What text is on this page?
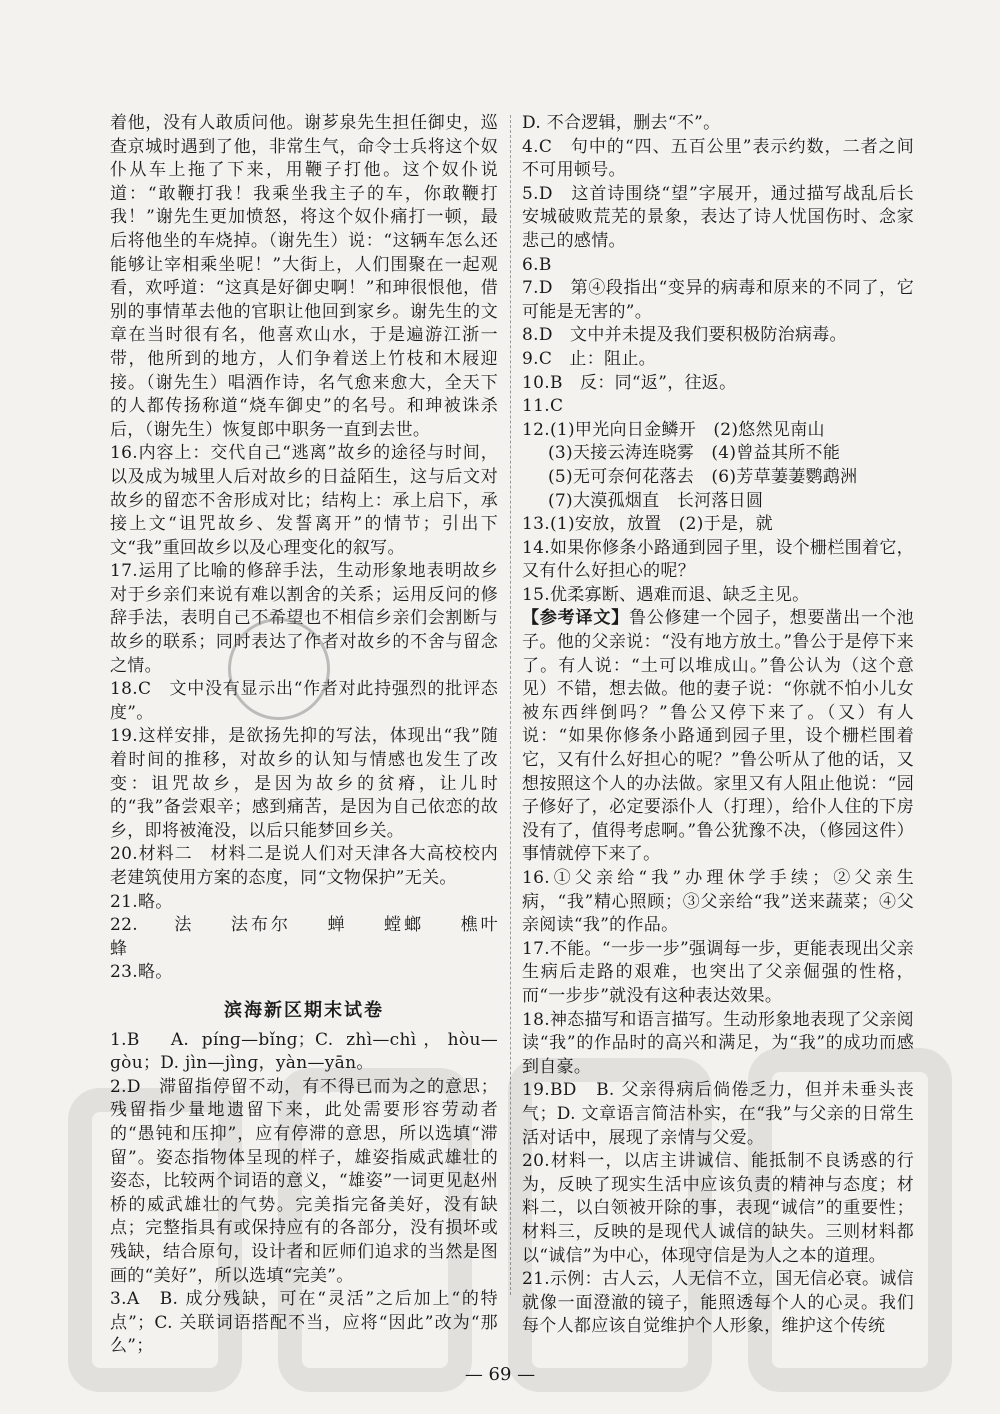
着他，没有人敢质问他。谢芗泉先生担任御史，巡查京城时遇到了他，非常生气，命令士兵将这个奴仆从车上拖了下来，用鞭子打他。这个奴仆说道：“敢鞭打我！我乘坐我主子的车，你敢鞭打我！”谢先生更加愤怒，将这个奴仆痛打一顿，最后将他坐的车烧掉。（谢先生）说：“这辆车怎么还能够让宰相乘坐呢！”大街上，人们围聚在一起观看，欢呼道：“这真是好御史啊！”和珅很恨他，借别的事情革去他的官职让他回到家乡。谢先生的文章在当时很有名，他喜欢山水，于是遍游江浙一带，他所到的地方，人们争着送上竹枝和木屐迎接。（谢先生）唱酒作诗，名气愈来愈大，全天下的人都传扬称道“烧车御史”的名号。和珅被诛杀后，（谢先生）恢复郎中职务一直到去世。

16.内容上：交代自己“逃离”故乡的途径与时间，以及成为城里人后对故乡的日益陌生，这与后文对故乡的留恋不舍形成对比；结构上：承上启下，承接上文“诅咒故乡、发誓离开”的情节；引出下文“我”重回故乡以及心理变化的叙写。

17.运用了比喻的修辞手法，生动形象地表明故乡对于乡亲们来说有难以割舍的关系；运用反问的修辞手法，表明自己不希望也不相信乡亲们会割断与故乡的联系；同时表达了作者对故乡的不舍与留念之情。

18.C　文中没有显示出“作者对此持强烈的批评态度”。

19.这样安排，是欲扬先抑的写法，体现出“我”随着时间的推移，对故乡的认知与情感也发生了改变：诅咒故乡，是因为故乡的贫瘠，让儿时的“我”备尝艰辛；感到痛苦，是因为自己依恋的故乡，即将被淹没，以后只能梦回乡关。

20.材料二　材料二是说人们对天津各大高校校内老建筑使用方案的态度，同“文物保护”无关。

21.略。

22. 法 法布尔 蝉 螳螂 樵叶蜂

23.略。

滨海新区期末试卷

1.B　A. pínɡ—bǐnɡ；C. zhì—chì，hòu—ɡòu；D. jìn—jìnɡ，yàn—yān。

2.D　滞留指停留不动，有不得已而为之的意思；残留指少量地遗留下来，此处需要形容劳动者的“愚钝和压抑”，应有停滞的意思，所以选填“滞留”。姿态指物体呈现的样子，雄姿指威武雄壮的姿态，比较两个词语的意义，“雄姿”一词更见赵州桥的威武雄壮的气势。完美指完备美好，没有缺点；完整指具有或保持应有的各部分，没有损坏或残缺，结合原句，设计者和匠师们追求的当然是图画的“美好”，所以选填“完美”。

3.A　B. 成分残缺，可在“灵活”之后加上“的特点”；C. 关联词语搭配不当，应将“因此”改为“那么”；

D. 不合逻辑，删去“不”。

4.C　句中的“四、五百公里”表示约数，二者之间不可用顿号。

5.D　这首诗围绕“望”字展开，通过描写战乱后长安城破败荒芜的景象，表达了诗人忧国伤时、念家悲己的感情。

6.B

7.D　第④段指出“变异的病毒和原来的不同了，它可能是无害的”。

8.D　文中并未提及我们要积极防治病毒。

9.C　止：阻止。

10.B　反：同“返”，往返。

11.C

12.(1)甲光向日金鳞开　(2)悠然见南山
(3)天接云涛连晓雾　(4)曾益其所不能
(5)无可奈何花落去　(6)芳草萋萋鹦鹉洲
(7)大漠孤烟直　长河落日圆

13.(1)安放，放置　(2)于是，就

14.如果你修条小路通到园子里，设个栅栏围着它，又有什么好担心的呢？

15.优柔寡断、遇难而退、缺乏主见。

【参考译文】鲁公修建一个园子，想要凿出一个池子。他的父亲说：“没有地方放土。”鲁公于是停下来了。有人说：“土可以堆成山。”鲁公认为（这个意见）不错，想去做。他的妻子说：“你就不怕小儿女被东西绊倒吗？”鲁公又停下来了。（又）有人说：“如果你修条小路通到园子里，设个栅栏围着它，又有什么好担心的呢？”鲁公听从了他的话，又想按照这个人的办法做。家里又有人阻止他说：“园子修好了，必定要添仆人（打理），给仆人住的下房没有了，值得考虑啊。”鲁公犹豫不决，（修园这件）事情就停下来了。

16.①父亲给“我”办理休学手续；②父亲生病，“我”精心照顾；③父亲给“我”送来蔬菜；④父亲阅读“我”的作品。

17.不能。“一步一步”强调每一步，更能表现出父亲生病后走路的艰难，也突出了父亲倔强的性格，而“一步步”就没有这种表达效果。

18.神态描写和语言描写。生动形象地表现了父亲阅读“我”的作品时的高兴和满足，为“我”的成功而感到自豪。

19.BD　B. 父亲得病后倘倦乏力，但并未垂头丧气；D. 文章语言简洁朴实，在“我”与父亲的日常生活对话中，展现了亲情与父爱。

20.材料一，以店主讲诚信、能抵制不良诱惑的行为，反映了现实生活中应该负责的精神与态度；材料二，以白领被开除的事，表现“诚信”的重要性；材料三，反映的是现代人诚信的缺失。三则材料都以“诚信”为中心，体现守信是为人之本的道理。

21.示例：古人云，人无信不立，国无信必衰。诚信就像一面澄澈的镜子，能照透每个人的心灵。我们每个人都应该自觉维护个人形象，维护这个传统

— 69 —
